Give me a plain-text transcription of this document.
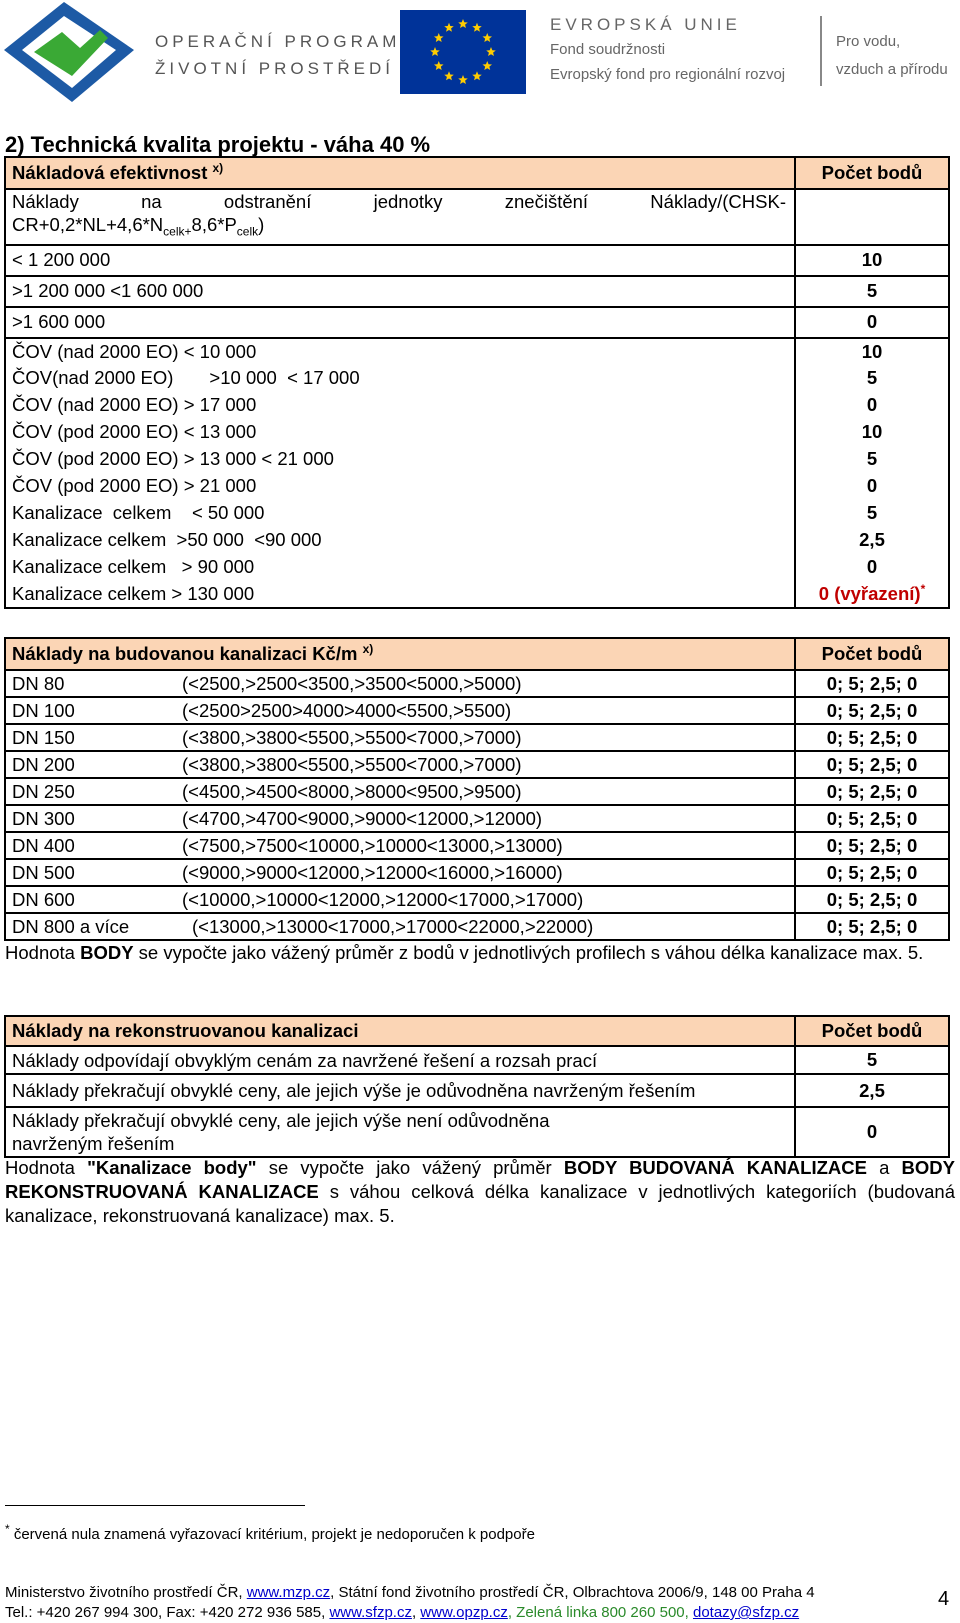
OPERAČNÍ PROGRAM
ŽIVOTNÍ PROSTŘEDÍ
EVROPSKÁ UNIE
Fond soudržnosti
Evropský fond pro regionální rozvoj
Pro vodu,
vzduch a přírodu
2) Technická kvalita projektu - váha 40 %
Nákladová efektivnost $^{x)}$	Počet bodů

Náklady na odstranění jednotky znečištění Náklady/(CHSK-
$CR+0,2*NL+4,6*N_{celk+}8,6*P_{celk}$)	

< 1 200 000	10
>1 200 000 <1 600 000	5
>1 600 000	0
ČOV (nad 2000 EO) < 10 000	10
ČOV(nad 2000 EO)       >10 000  < 17 000	5
ČOV (nad 2000 EO) > 17 000	0
ČOV (pod 2000 EO) < 13 000	10
ČOV (pod 2000 EO) > 13 000 < 21 000	5
ČOV (pod 2000 EO) > 21 000	0
Kanalizace  celkem    < 50 000	5
Kanalizace celkem  >50 000  <90 000	2,5
Kanalizace celkem   > 90 000	0
Kanalizace celkem > 130 000	0 (vyřazení)*
Náklady na budovanou kanalizaci Kč/m $^{x)}$	Počet bodů
DN 80 (<2500,>2500<3500,>3500<5000,>5000)	0; 5; 2,5; 0
DN 100 (<2500>2500>4000>4000<5500,>5500)	0; 5; 2,5; 0
DN 150 (<3800,>3800<5500,>5500<7000,>7000)	0; 5; 2,5; 0
DN 200 (<3800,>3800<5500,>5500<7000,>7000)	0; 5; 2,5; 0
DN 250 (<4500,>4500<8000,>8000<9500,>9500)	0; 5; 2,5; 0
DN 300 (<4700,>4700<9000,>9000<12000,>12000)	0; 5; 2,5; 0
DN 400 (<7500,>7500<10000,>10000<13000,>13000)	0; 5; 2,5; 0
DN 500 (<9000,>9000<12000,>12000<16000,>16000)	0; 5; 2,5; 0
DN 600 (<10000,>10000<12000,>12000<17000,>17000)	0; 5; 2,5; 0
DN 800 a více (<13000,>13000<17000,>17000<22000,>22000)	0; 5; 2,5; 0
Hodnota BODY se vypočte jako vážený průměr z bodů v jednotlivých profilech s váhou délka kanalizace max. 5.
Náklady na rekonstruovanou kanalizaci	Počet bodů
Náklady odpovídají obvyklým cenám za navržené řešení a rozsah prací	5
Náklady překračují obvyklé ceny, ale jejich výše je odůvodněna navrženým řešením	2,5
Náklady překračují obvyklé ceny, ale jejich výše není odůvodněna navrženým řešením	0
Hodnota "Kanalizace body" se vypočte jako vážený průměr BODY BUDOVANÁ KANALIZACE a BODY REKONSTRUOVANÁ KANALIZACE s váhou celková délka kanalizace v jednotlivých kategoriích (budovaná kanalizace, rekonstruovaná kanalizace) max. 5.
* červená nula znamená vyřazovací kritérium, projekt je nedoporučen k podpoře
Ministerstvo životního prostředí ČR, www.mzp.cz, Státní fond životního prostředí ČR, Olbrachtova 2006/9, 148 00 Praha 4
Tel.: +420 267 994 300, Fax: +420 272 936 585, www.sfzp.cz, www.opzp.cz, Zelená linka 800 260 500, dotazy@sfzp.cz
4
